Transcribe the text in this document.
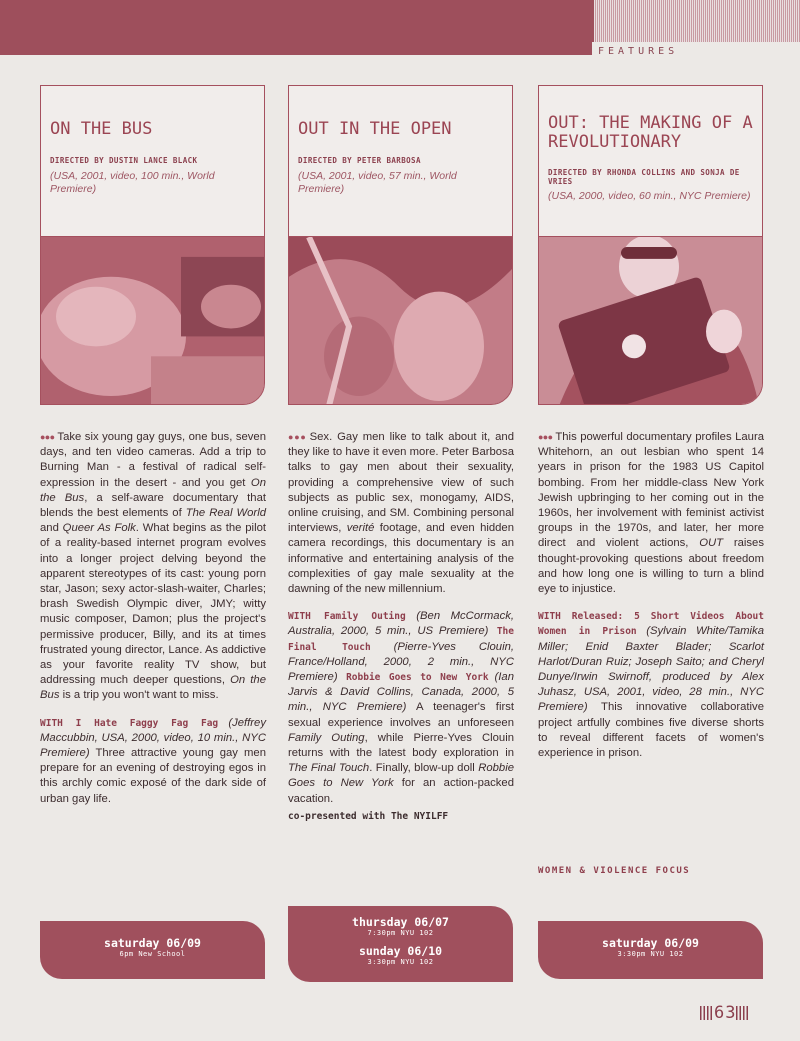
FEATURES
ON THE BUS
DIRECTED BY DUSTIN LANCE BLACK
(USA, 2001, video, 100 min., World Premiere)
OUT IN THE OPEN
DIRECTED BY PETER BARBOSA
(USA, 2001, video, 57 min., World Premiere)
OUT: THE MAKING OF A REVOLUTIONARY
DIRECTED BY RHONDA COLLINS AND SONJA DE VRIES
(USA, 2000, video, 60 min., NYC Premiere)

●●● Take six young gay guys, one bus, seven days, and ten video cameras. Add a trip to Burning Man - a festival of radical self-expression in the desert - and you get On the Bus, a self-aware documentary that blends the best elements of The Real World and Queer As Folk. What begins as the pilot of a reality-based internet program evolves into a longer project delving beyond the apparent stereotypes of its cast: young porn star, Jason; sexy actor-slash-waiter, Charles; brash Swedish Olympic diver, JMY; witty music composer, Damon; plus the project's permissive producer, Billy, and its at times frustrated young director, Lance. As addictive as your favorite reality TV show, but addressing much deeper questions, On the Bus is a trip you won't want to miss.

WITH I Hate Faggy Fag Fag (Jeffrey Maccubbin, USA, 2000, video, 10 min., NYC Premiere) Three attractive young gay men prepare for an evening of destroying egos in this archly comic exposé of the dark side of urban gay life.

●●● Sex. Gay men like to talk about it, and they like to have it even more. Peter Barbosa talks to gay men about their sexuality, providing a comprehensive view of such subjects as public sex, monogamy, AIDS, online cruising, and SM. Combining personal interviews, verité footage, and even hidden camera recordings, this documentary is an informative and entertaining analysis of the complexities of gay male sexuality at the dawning of the new millennium.

WITH Family Outing (Ben McCormack, Australia, 2000, 5 min., US Premiere) The Final Touch (Pierre-Yves Clouin, France/Holland, 2000, 2 min., NYC Premiere) Robbie Goes to New York (Ian Jarvis & David Collins, Canada, 2000, 5 min., NYC Premiere) A teenager's first sexual experience involves an unforeseen Family Outing, while Pierre-Yves Clouin returns with the latest body exploration in The Final Touch. Finally, blow-up doll Robbie Goes to New York for an action-packed vacation.
co-presented with The NYILFF

●●● This powerful documentary profiles Laura Whitehorn, an out lesbian who spent 14 years in prison for the 1983 US Capitol bombing. From her middle-class New York Jewish upbringing to her coming out in the 1960s, her involvement with feminist activist groups in the 1970s, and later, her more direct and violent actions, OUT raises thought-provoking questions about freedom and how long one is willing to turn a blind eye to injustice.

WITH Released: 5 Short Videos About Women in Prison (Sylvain White/Tamika Miller; Enid Baxter Blader; Scarlot Harlot/Duran Ruiz; Joseph Saito; and Cheryl Dunye/Irwin Swirnoff, produced by Alex Juhasz, USA, 2001, video, 28 min., NYC Premiere) This innovative collaborative project artfully combines five diverse shorts to reveal different facets of women's experience in prison.

WOMEN & VIOLENCE FOCUS
saturday 06/09
6pm New School
thursday 06/07
7:30pm NYU 102
sunday 06/10
3:30pm NYU 102
saturday 06/09
3:30pm NYU 102
63
